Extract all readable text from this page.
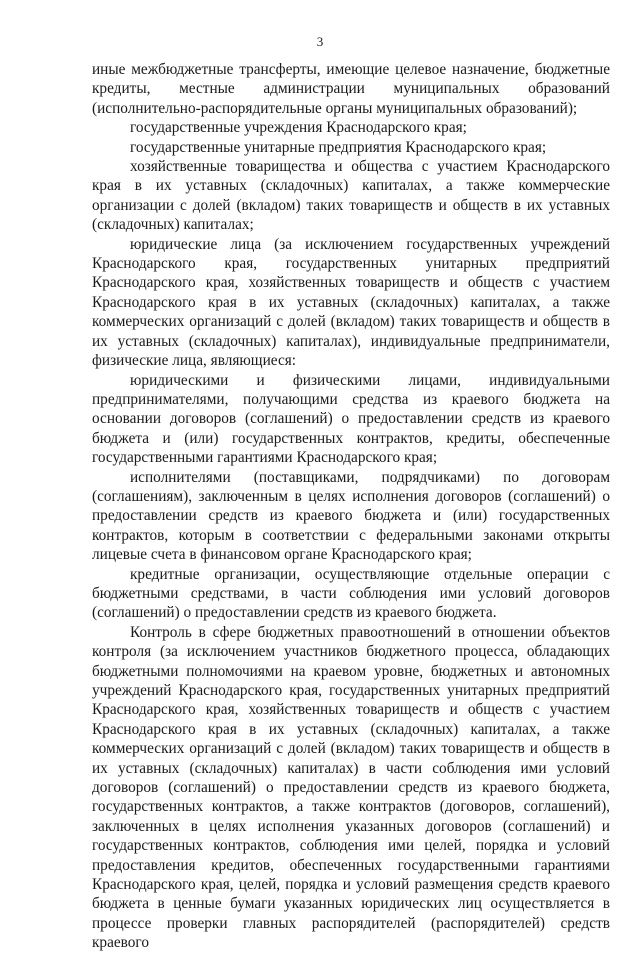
3

иные межбюджетные трансферты, имеющие целевое назначение, бюджетные кредиты, местные администрации муниципальных образований (исполнительно-распорядительные органы муниципальных образований);

государственные учреждения Краснодарского края;

государственные унитарные предприятия Краснодарского края;

хозяйственные товарищества и общества с участием Краснодарского края в их уставных (складочных) капиталах, а также коммерческие организации с долей (вкладом) таких товариществ и обществ в их уставных (складочных) капиталах;

юридические лица (за исключением государственных учреждений Краснодарского края, государственных унитарных предприятий Краснодарского края, хозяйственных товариществ и обществ с участием Краснодарского края в их уставных (складочных) капиталах, а также коммерческих организаций с долей (вкладом) таких товариществ и обществ в их уставных (складочных) капиталах), индивидуальные предприниматели, физические лица, являющиеся:

юридическими и физическими лицами, индивидуальными предпринимателями, получающими средства из краевого бюджета на основании договоров (соглашений) о предоставлении средств из краевого бюджета и (или) государственных контрактов, кредиты, обеспеченные государственными гарантиями Краснодарского края;

исполнителями (поставщиками, подрядчиками) по договорам (соглашениям), заключенным в целях исполнения договоров (соглашений) о предоставлении средств из краевого бюджета и (или) государственных контрактов, которым в соответствии с федеральными законами открыты лицевые счета в финансовом органе Краснодарского края;

кредитные организации, осуществляющие отдельные операции с бюджетными средствами, в части соблюдения ими условий договоров (соглашений) о предоставлении средств из краевого бюджета.

Контроль в сфере бюджетных правоотношений в отношении объектов контроля (за исключением участников бюджетного процесса, обладающих бюджетными полномочиями на краевом уровне, бюджетных и автономных учреждений Краснодарского края, государственных унитарных предприятий Краснодарского края, хозяйственных товариществ и обществ с участием Краснодарского края в их уставных (складочных) капиталах, а также коммерческих организаций с долей (вкладом) таких товариществ и обществ в их уставных (складочных) капиталах) в части соблюдения ими условий договоров (соглашений) о предоставлении средств из краевого бюджета, государственных контрактов, а также контрактов (договоров, соглашений), заключенных в целях исполнения указанных договоров (соглашений) и государственных контрактов, соблюдения ими целей, порядка и условий предоставления кредитов, обеспеченных государственными гарантиями Краснодарского края, целей, порядка и условий размещения средств краевого бюджета в ценные бумаги указанных юридических лиц осуществляется в процессе проверки главных распорядителей (распорядителей) средств краевого
